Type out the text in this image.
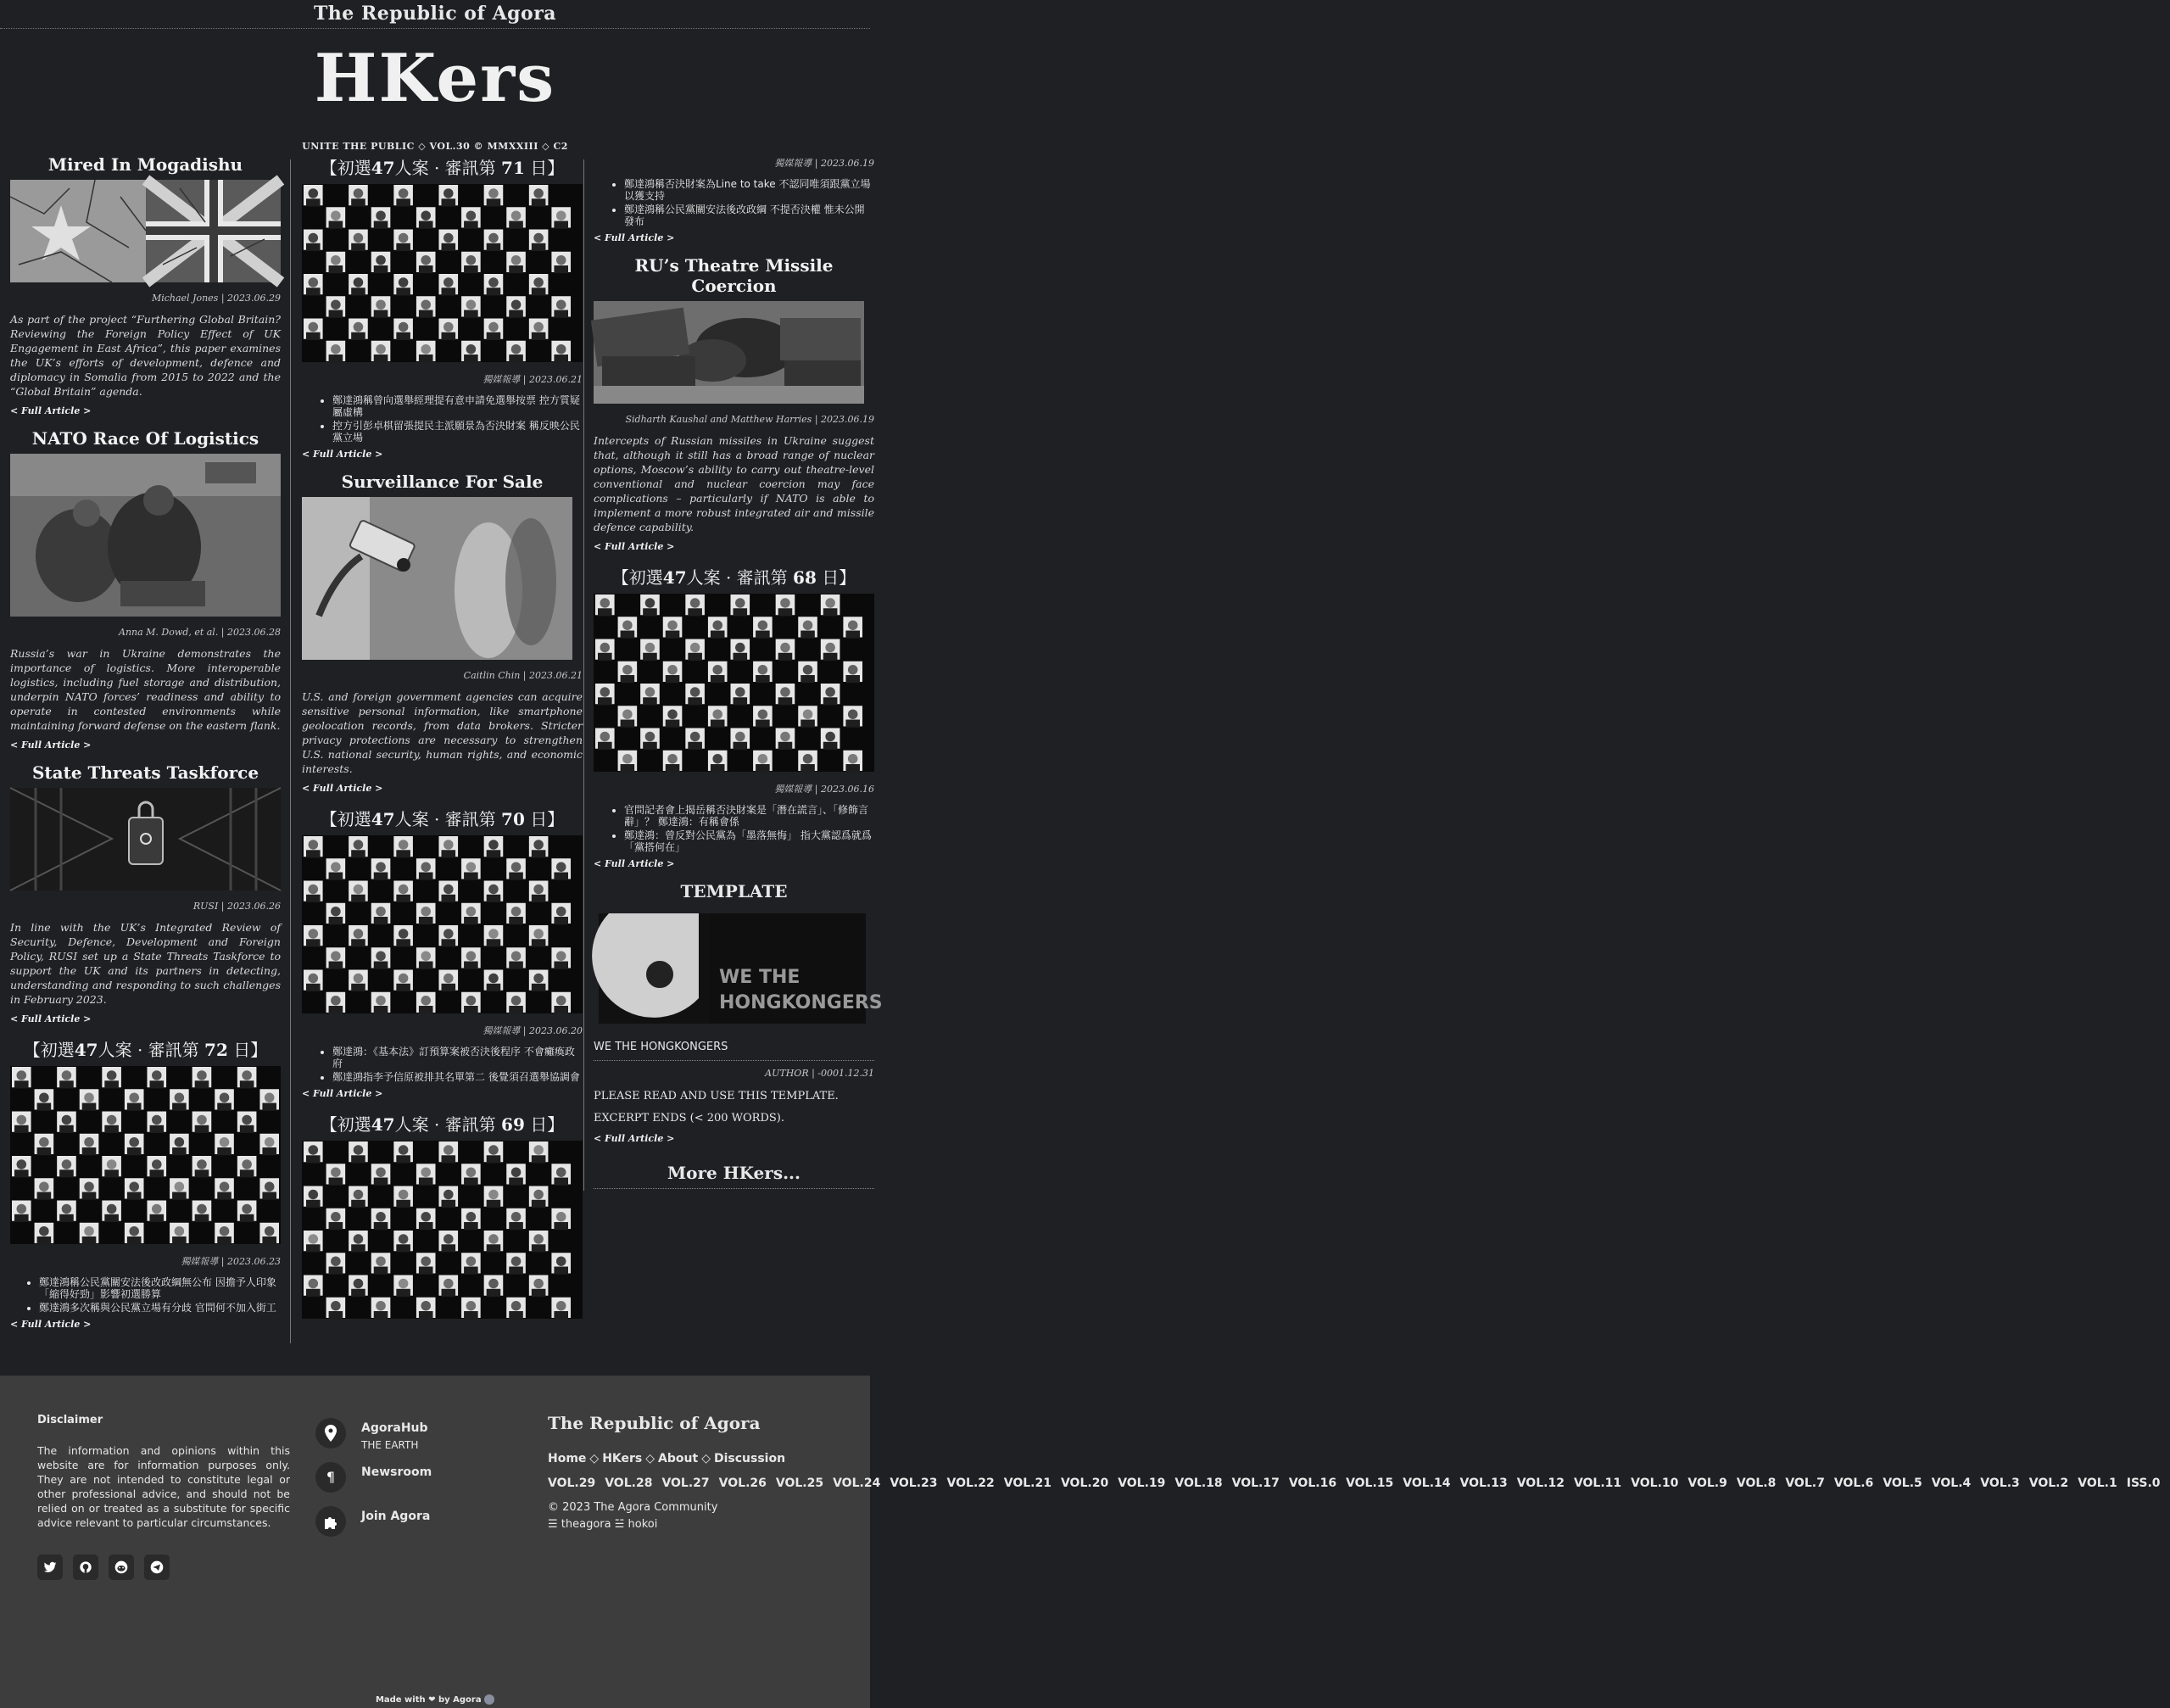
The Republic of Agora
HKers
UNITE THE PUBLIC ◇ VOL.30 © MMXXIII ◇ C2
Mired In Mogadishu
Michael Jones | 2023.06.29
As part of the project “Furthering Global Britain? Reviewing the Foreign Policy Effect of UK Engagement in East Africa”, this paper examines the UK’s efforts of development, defence and diplomacy in Somalia from 2015 to 2022 and the “Global Britain” agenda.
< Full Article >
NATO Race Of Logistics
Anna M. Dowd, et al. | 2023.06.28
Russia’s war in Ukraine demonstrates the importance of logistics. More interoperable logistics, including fuel storage and distribution, underpin NATO forces’ readiness and ability to operate in contested environments while maintaining forward defense on the eastern flank.
< Full Article >
State Threats Taskforce
RUSI | 2023.06.26
In line with the UK’s Integrated Review of Security, Defence, Development and Foreign Policy, RUSI set up a State Threats Taskforce to support the UK and its partners in detecting, understanding and responding to such challenges in February 2023.
< Full Article >
【初選47人案 · 審訊第 72 日】
獨媒報導 | 2023.06.23
• 鄭達鴻稱公民黨關安法後改政綱無公布 因擔予人印象「縮得好勁」影響初選勝算
• 鄭達鴻多次稱與公民黨立場有分歧 官問何不加入街工
< Full Article >
【初選47人案 · 審訊第 71 日】
獨媒報導 | 2023.06.21
• 鄭達鴻稱曾向選舉經理提有意申請免選舉按票 控方質疑屬虛構
• 控方引彭卓棋留張提民主派願景為否決財案 稱反映公民黨立場
< Full Article >
Surveillance For Sale
Caitlin Chin | 2023.06.21
U.S. and foreign government agencies can acquire sensitive personal information, like smartphone geolocation records, from data brokers. Stricter privacy protections are necessary to strengthen U.S. national security, human rights, and economic interests.
< Full Article >
【初選47人案 · 審訊第 70 日】
獨媒報導 | 2023.06.20
• 鄭達鴻：《基本法》訂預算案被否決後程序 不會癱瘓政府
• 鄭達鴻指李予信原被排其名單第二 後覺須召選舉協調會
< Full Article >
【初選47人案 · 審訊第 69 日】
獨媒報導 | 2023.06.19
• 鄭達鴻稱否決財案為Line to take 不認同唯須跟黨立場以獲支持
• 鄭達鴻稱公民黨關安法後改政綱 不提否決權 惟未公開發布
< Full Article >
RU’s Theatre Missile Coercion
Sidharth Kaushal and Matthew Harries | 2023.06.19
Intercepts of Russian missiles in Ukraine suggest that, although it still has a broad range of nuclear options, Moscow’s ability to carry out theatre-level conventional and nuclear coercion may face complications – particularly if NATO is able to implement a more robust integrated air and missile defence capability.
< Full Article >
【初選47人案 · 審訊第 68 日】
獨媒報導 | 2023.06.16
• 官問記者會上揭岳稱否決財案是「潛在謊言」、「修飾言辭」？ 鄭達鴻：有稱會係
• 鄭達鴻：曾反對公民黨為「墨落無悔」 指大黨認爲就爲「黨搭何在」
< Full Article >
TEMPLATE
WE THE
HONGKONGERS
WE THE HONGKONGERS
AUTHOR | -0001.12.31
PLEASE READ AND USE THIS TEMPLATE.
EXCERPT ENDS (< 200 WORDS).
< Full Article >
More HKers...
Disclaimer

The information and opinions within this website are for information purposes only. They are not intended to constitute legal or other professional advice, and should not be relied on or treated as a substitute for specific advice relevant to particular circumstances.

AgoraHub
THE EARTH
¶	Newsroom
Join Agora
The Republic of Agora
Home ◇ HKers ◇ About ◇ Discussion
VOL.29 VOL.28 VOL.27 VOL.26 VOL.25 VOL.24 VOL.23 VOL.22 VOL.21 VOL.20 VOL.19 VOL.18 VOL.17 VOL.16 VOL.15 VOL.14 VOL.13 VOL.12 VOL.11 VOL.10 VOL.9 VOL.8 VOL.7 VOL.6 VOL.5 VOL.4 VOL.3 VOL.2 VOL.1 ISS.0
© 2023 The Agora Community
☰ theagora ☱ hokoi
Made with ❤ by Agora
